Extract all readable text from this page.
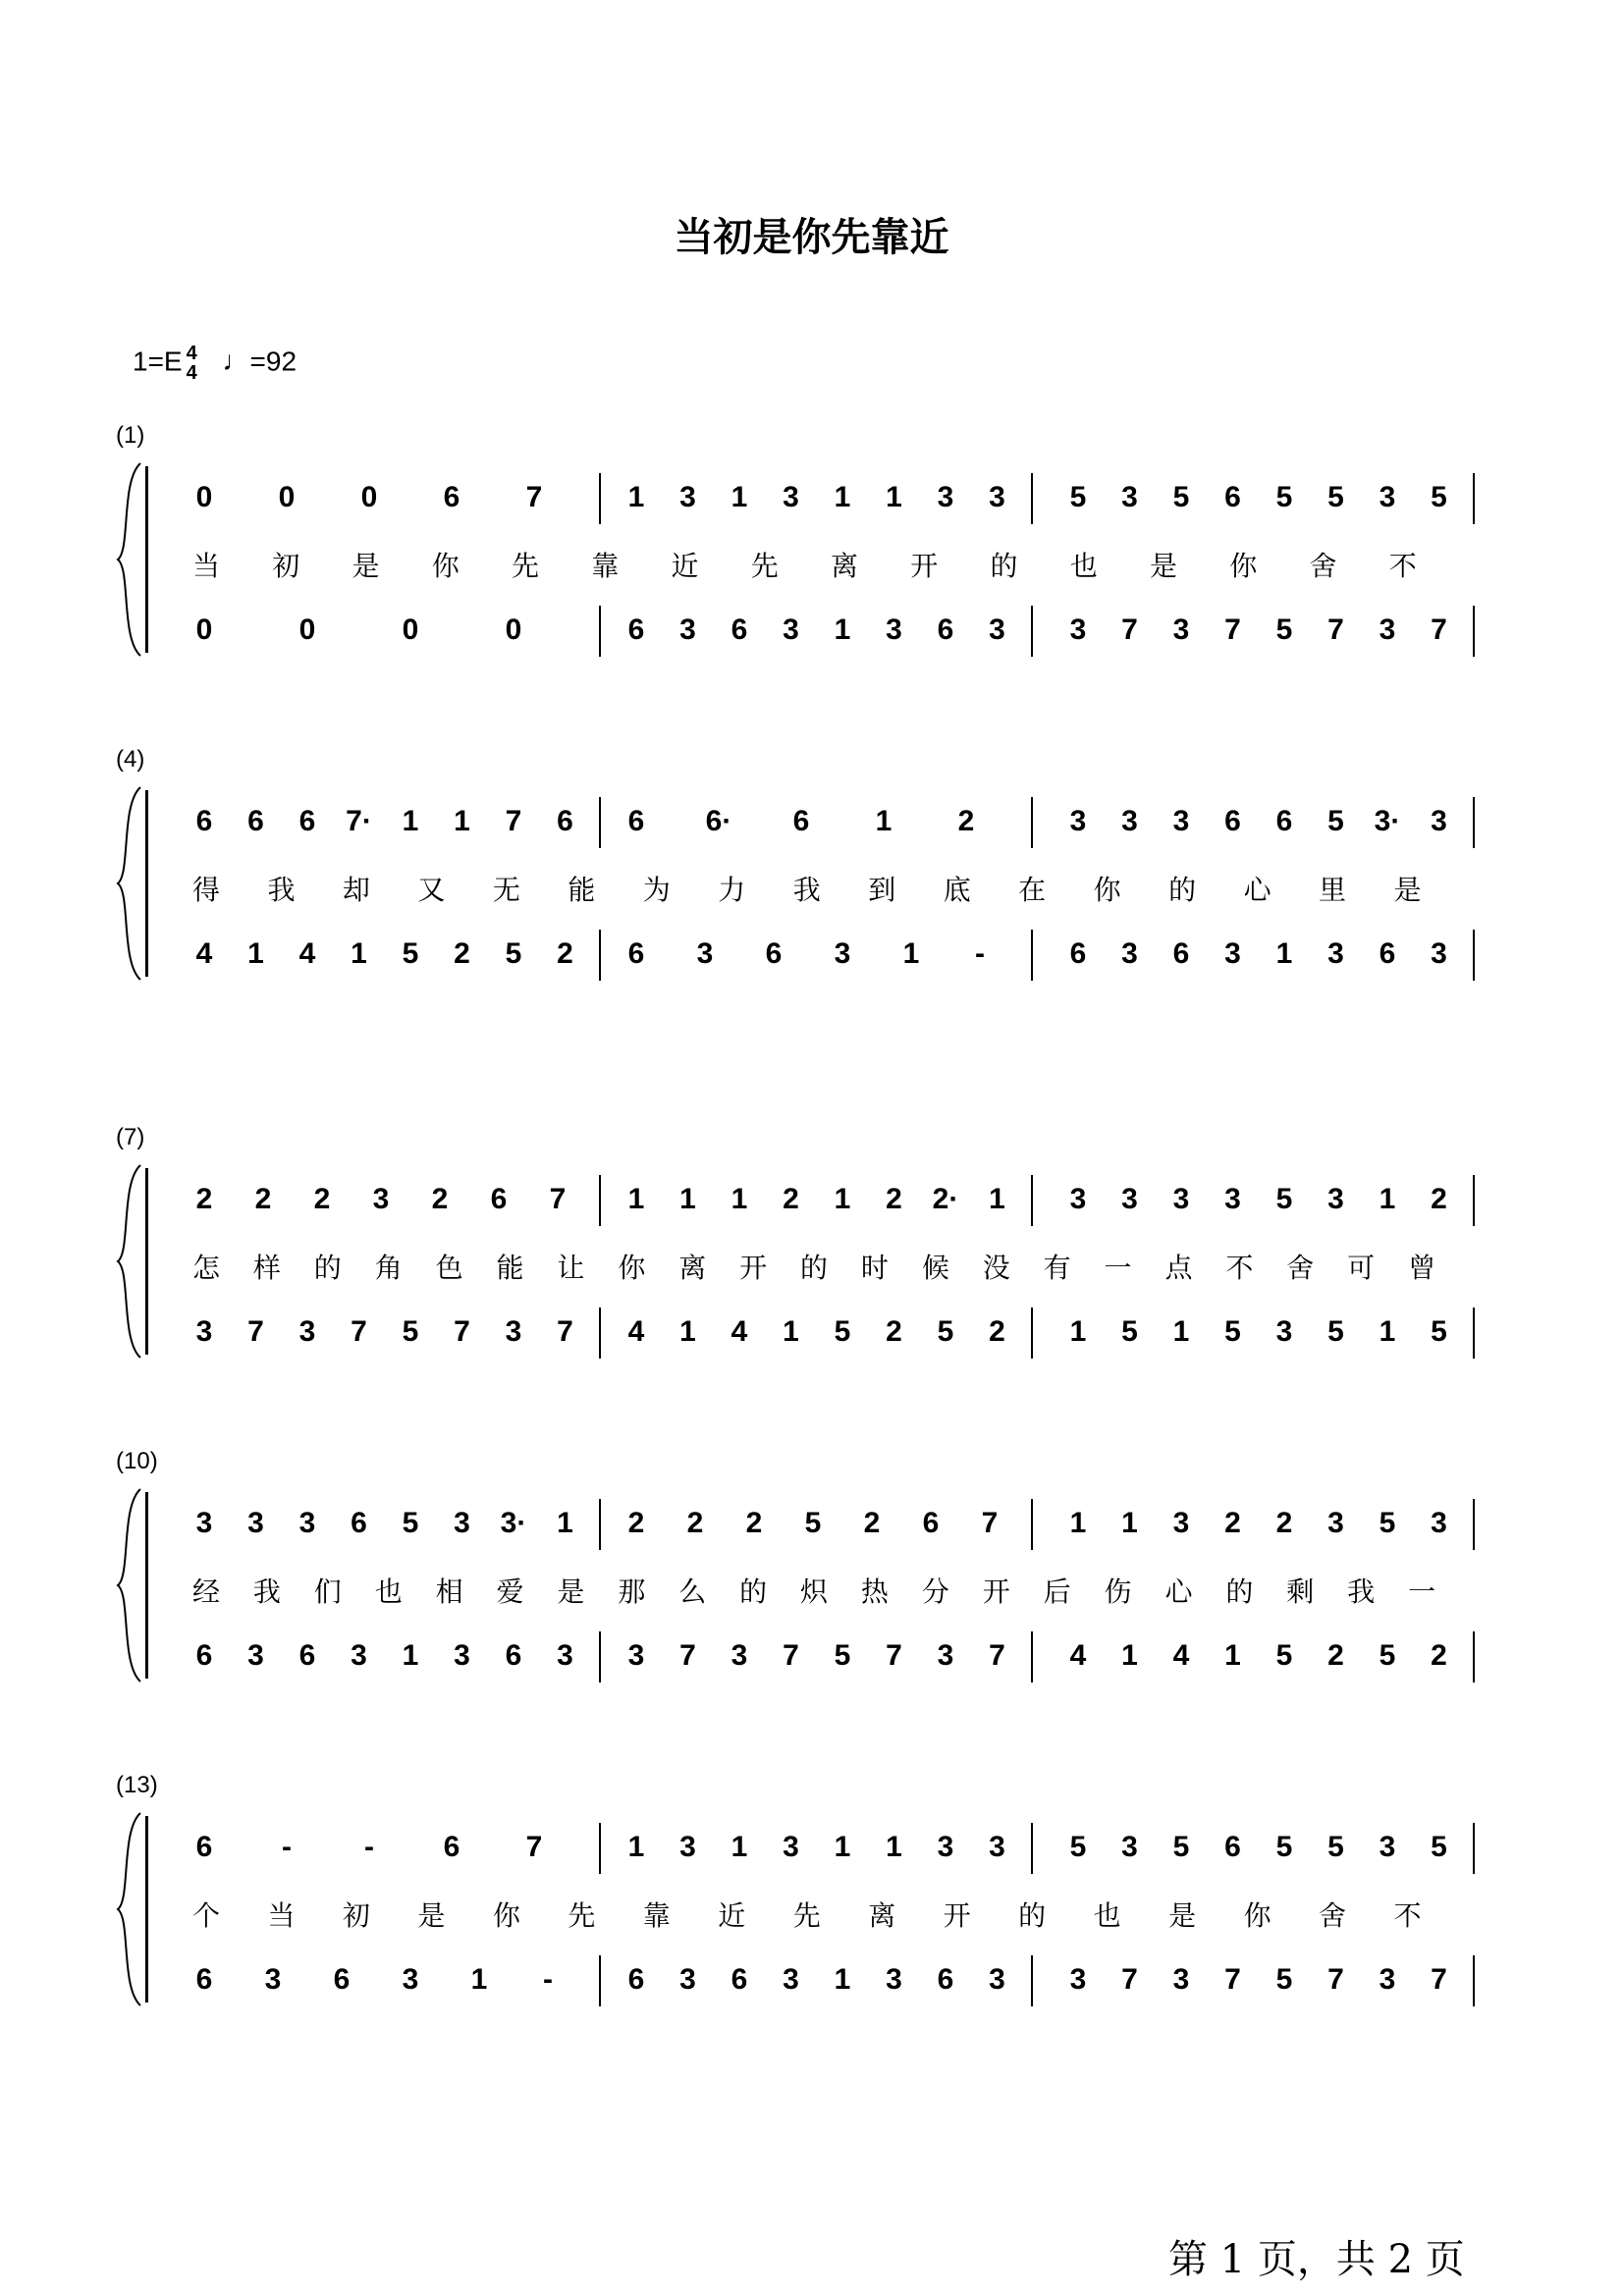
当初是你先靠近
1=E 4
4 ♩=92
(1)
0	0	0	6	7	1	3	1	3	1	1	3	3	5	3	5	6	5	5	3	5
0	0	0	0	6	3	6	3	1	3	6	3	3	7	3	7	5	7	3	7
当 初 是 你 先 靠 近 先 离 开 的 也 是 你 舍 不
(4)
6	6	6	7·	1	1	7	6	6	6·	6	1	2	3	3	3	6	6	5	3·	3
4	1	4	1	5	2	5	2	6	3	6	3	1	-	6	3	6	3	1	3	6	3
得 我 却 又 无 能 为 力 我 到 底 在 你 的 心 里 是
(7)
2	2	2	3	2	6	7	1	1	1	2	1	2	2·	1	3	3	3	3	5	3	1	2
3	7	3	7	5	7	3	7	4	1	4	1	5	2	5	2	1	5	1	5	3	5	1	5
怎 样 的 角 色 能 让 你 离 开 的 时 候 没 有 一 点 不 舍 可 曾
(10)
3	3	3	6	5	3	3·	1	2	2	2	5	2	6	7	1	1	3	2	2	3	5	3
6	3	6	3	1	3	6	3	3	7	3	7	5	7	3	7	4	1	4	1	5	2	5	2
经 我 们 也 相 爱 是 那 么 的 炽 热 分 开 后 伤 心 的 剩 我 一
(13)
6	-	-	6	7	1	3	1	3	1	1	3	3	5	3	5	6	5	5	3	5
6	3	6	3	1	-	6	3	6	3	1	3	6	3	3	7	3	7	5	7	3	7
个 当 初 是 你 先 靠 近 先 离 开 的 也 是 你 舍 不
第 1 页，共 2 页
